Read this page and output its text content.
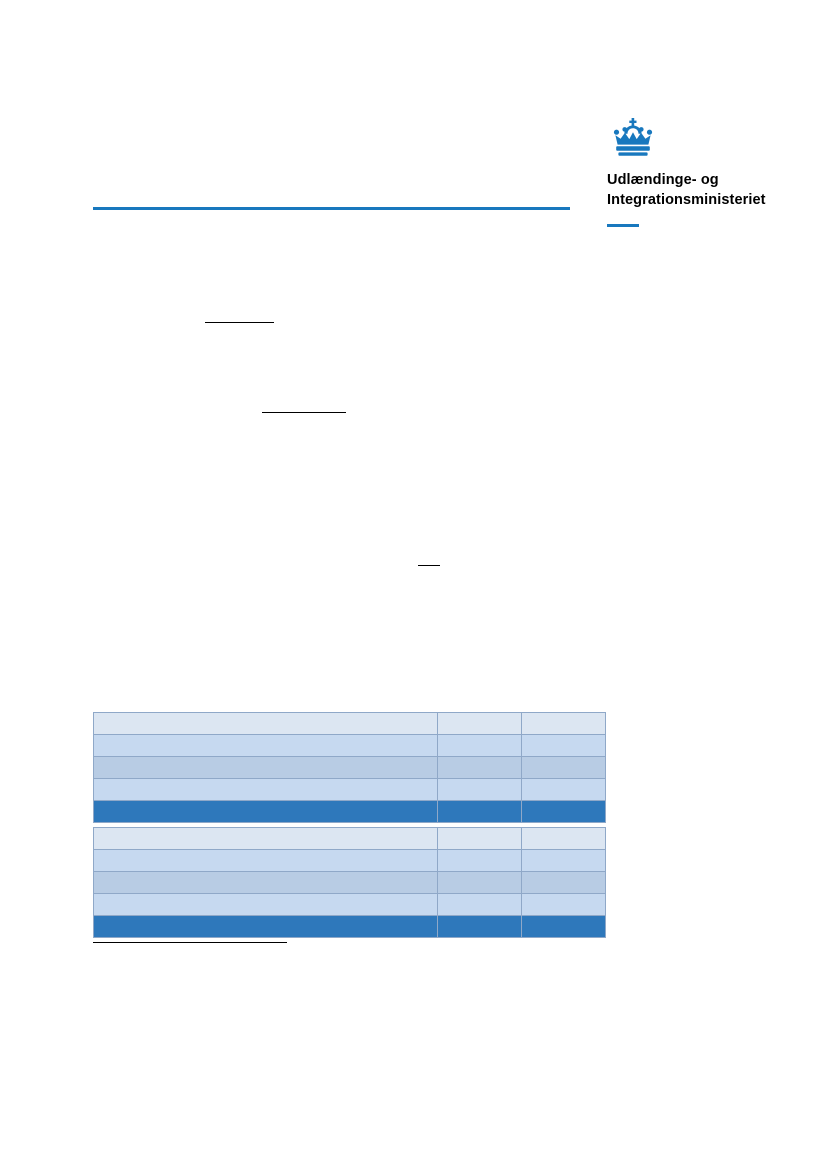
Udlændinge- og
Integrationsministeriet
